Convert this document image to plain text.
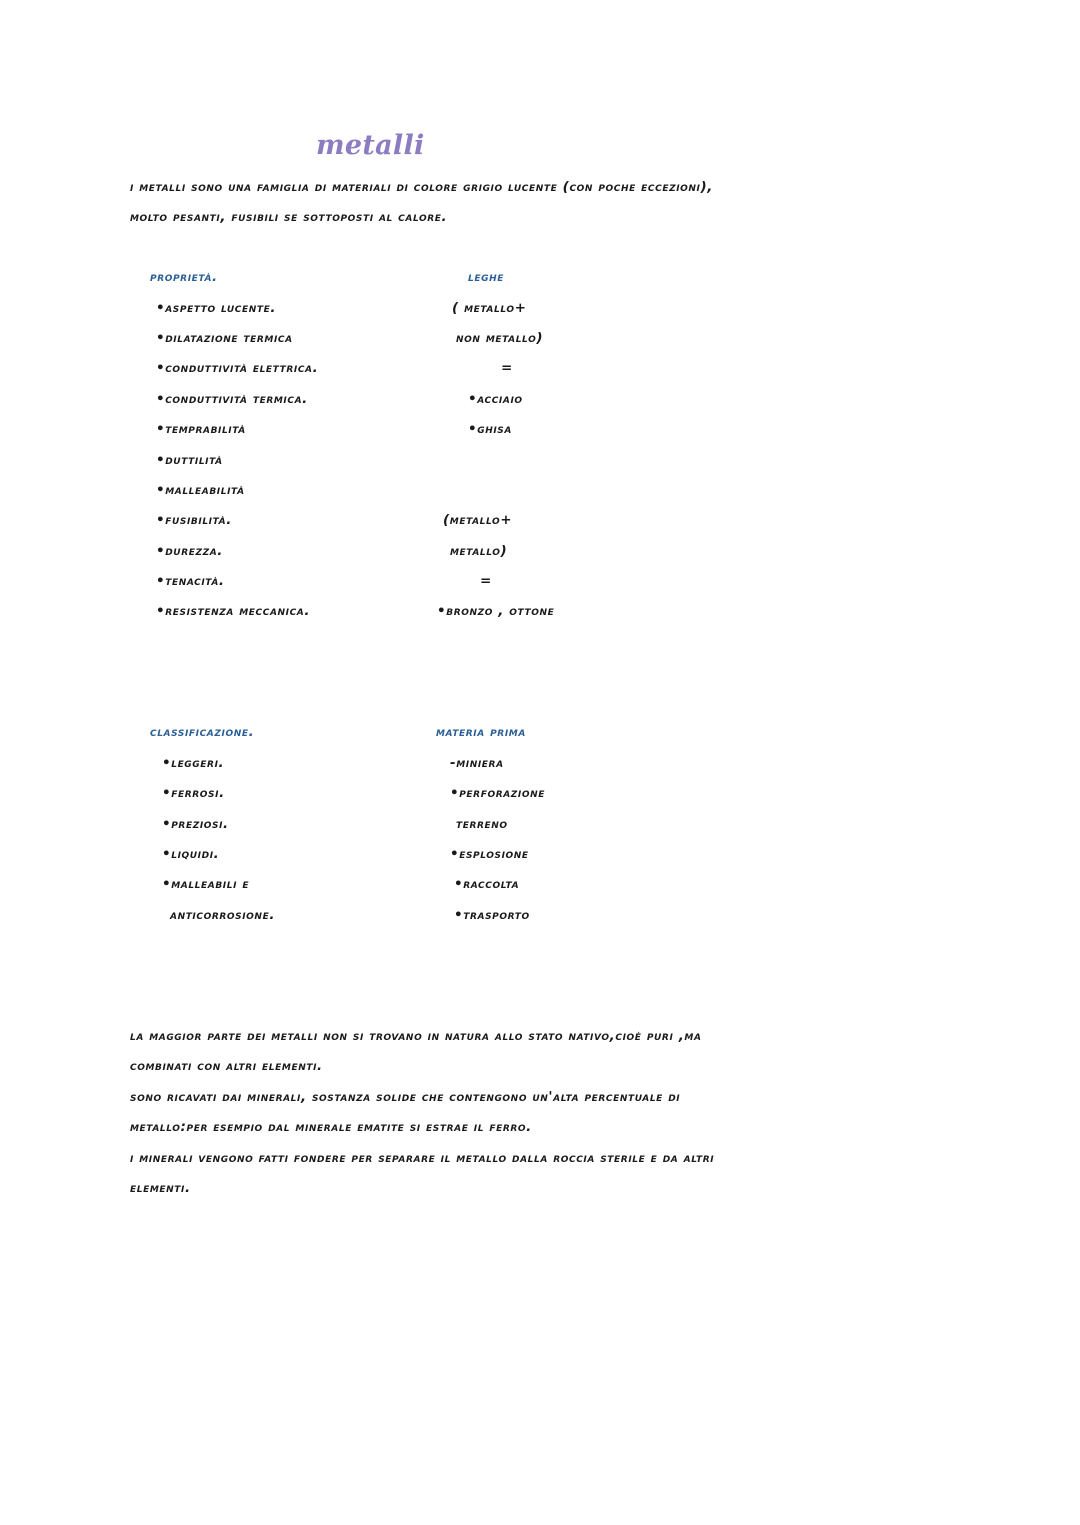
metalli
i metalli sono una famiglia di materiali di colore grigio lucente (con poche eccezioni),
molto pesanti, fusibili se sottoposti al calore.
proprietà.
•aspetto lucente.
•dilatazione termica
•conduttività elettrica.
•conduttività termica.
•temprabilità
•duttilità
•malleabilità
•fusibilità.
•durezza.
•tenacità.
•resistenza meccanica.
leghe
( metallo+
non metallo)
=
•acciaio
•ghisa
(metallo+
metallo)
=
•bronzo , ottone
classificazione.
•leggeri.
•ferrosi.
•preziosi.
•liquidi.
•malleabili e
anticorrosione.
materia prima
-miniera
•perforazione
terreno
•esplosione
•raccolta
•trasporto
la maggior parte dei metalli non si trovano in natura allo stato nativo,cioè puri ,ma
combinati con altri elementi.
sono ricavati dai minerali, sostanza solide che contengono un'alta percentuale di
metallo:per esempio dal minerale ematite si estrae il ferro.
i minerali vengono fatti fondere per separare il metallo dalla roccia sterile e da altri
elementi.
